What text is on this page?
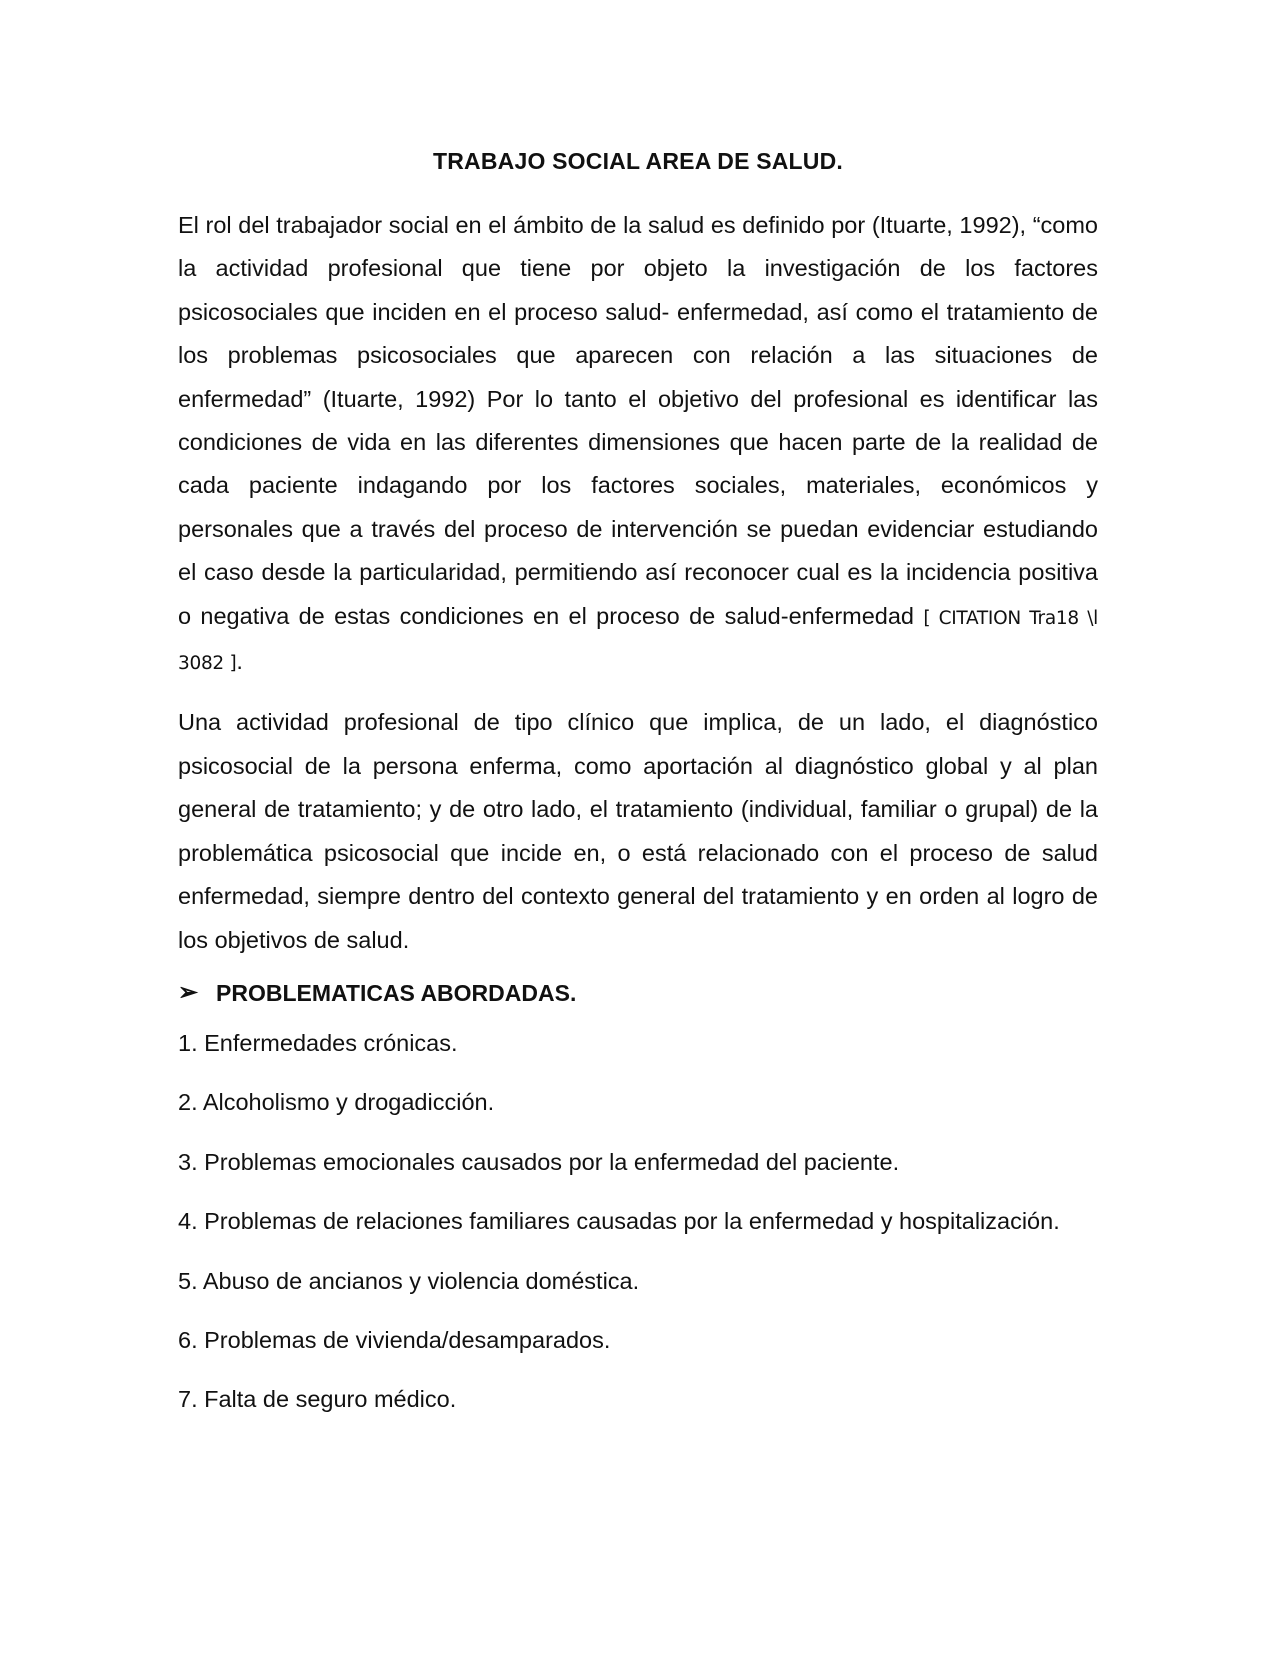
TRABAJO SOCIAL AREA DE SALUD.

El rol del trabajador social en el ámbito de la salud es definido por (Ituarte, 1992), “como la actividad profesional que tiene por objeto la investigación de los factores psicosociales que inciden en el proceso salud- enfermedad, así como el tratamiento de los problemas psicosociales que aparecen con relación a las situaciones de enfermedad” (Ituarte, 1992) Por lo tanto el objetivo del profesional es identificar las condiciones de vida en las diferentes dimensiones que hacen parte de la realidad de cada paciente indagando por los factores sociales, materiales, económicos y personales que a través del proceso de intervención se puedan evidenciar estudiando el caso desde la particularidad, permitiendo así reconocer cual es la incidencia positiva o negativa de estas condiciones en el proceso de salud-enfermedad [ CITATION Tra18 \l 3082 ].

Una actividad profesional de tipo clínico que implica, de un lado, el diagnóstico psicosocial de la persona enferma, como aportación al diagnóstico global y al plan general de tratamiento; y de otro lado, el tratamiento (individual, familiar o grupal) de la problemática psicosocial que incide en, o está relacionado con el proceso de salud enfermedad, siempre dentro del contexto general del tratamiento y en orden al logro de los objetivos de salud.

➢ PROBLEMATICAS ABORDADAS.

1. Enfermedades crónicas.

2. Alcoholismo y drogadicción.

3. Problemas emocionales causados por la enfermedad del paciente.

4. Problemas de relaciones familiares causadas por la enfermedad y hospitalización.

5. Abuso de ancianos y violencia doméstica.

6. Problemas de vivienda/desamparados.

7. Falta de seguro médico.
